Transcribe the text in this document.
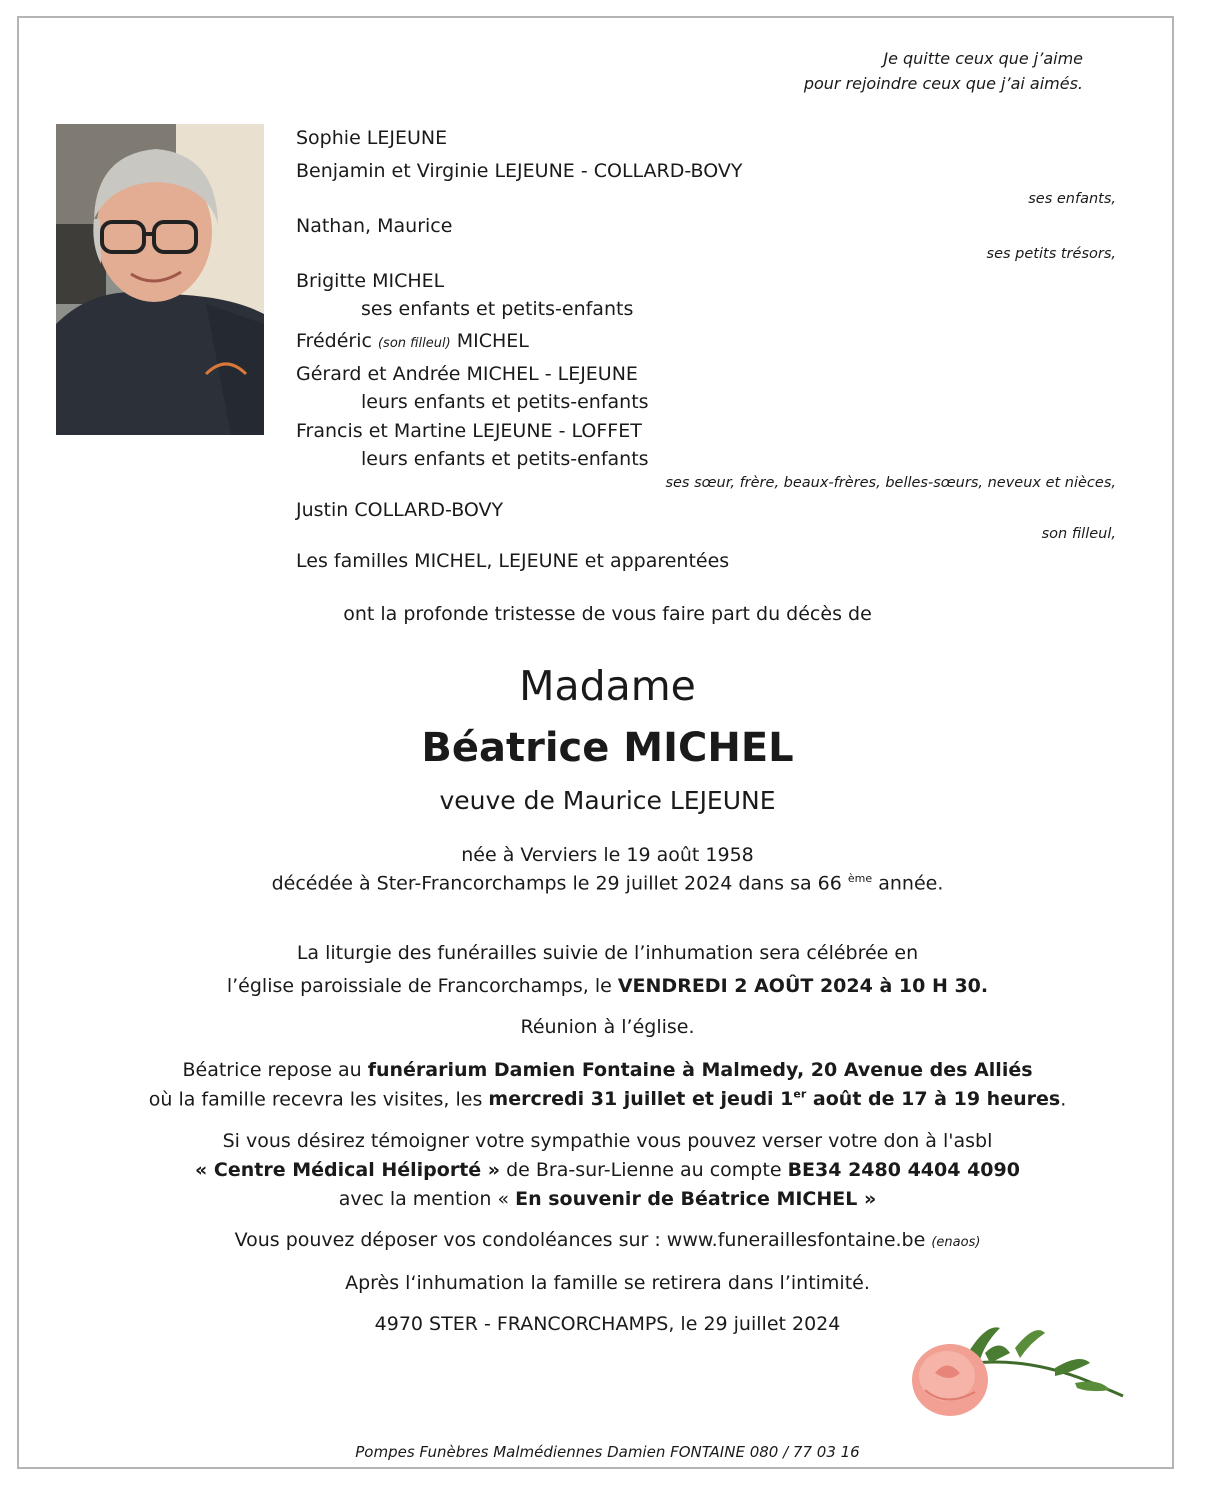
Je quitte ceux que j’aime
pour rejoindre ceux que j’ai aimés.
Sophie LEJEUNE
Benjamin et Virginie LEJEUNE - COLLARD-BOVY
ses enfants,
Nathan, Maurice
ses petits trésors,
Brigitte MICHEL
ses enfants et petits-enfants
Frédéric (son filleul) MICHEL
Gérard et Andrée MICHEL - LEJEUNE
leurs enfants et petits-enfants
Francis et Martine LEJEUNE - LOFFET
leurs enfants et petits-enfants
ses sœur, frère, beaux-frères, belles-sœurs, neveux et nièces,
Justin COLLARD-BOVY
son filleul,
Les familles MICHEL, LEJEUNE et apparentées
ont la profonde tristesse de vous faire part du décès de
Madame
Béatrice MICHEL
veuve de Maurice LEJEUNE
née à Verviers le 19 août 1958
décédée à Ster-Francorchamps le 29 juillet 2024 dans sa 66 $^{ème}$ année.
La liturgie des funérailles suivie de l’inhumation sera célébrée en
l’église paroissiale de Francorchamps, le VENDREDI 2 AOÛT 2024 à 10 H 30.
Réunion à l’église.
Béatrice repose au funérarium Damien Fontaine à Malmedy, 20 Avenue des Alliés
où la famille recevra les visites, les mercredi 31 juillet et jeudi 1er août de 17 à 19 heures.
Si vous désirez témoigner votre sympathie vous pouvez verser votre don à l'asbl
« Centre Médical Héliporté » de Bra-sur-Lienne au compte BE34 2480 4404 4090
avec la mention « En souvenir de Béatrice MICHEL »
Vous pouvez déposer vos condoléances sur : www.funeraillesfontaine.be (enaos)
Après l‘inhumation la famille se retirera dans l’intimité.
4970 STER - FRANCORCHAMPS, le 29 juillet 2024
Pompes Funèbres Malmédiennes Damien FONTAINE 080 / 77 03 16
